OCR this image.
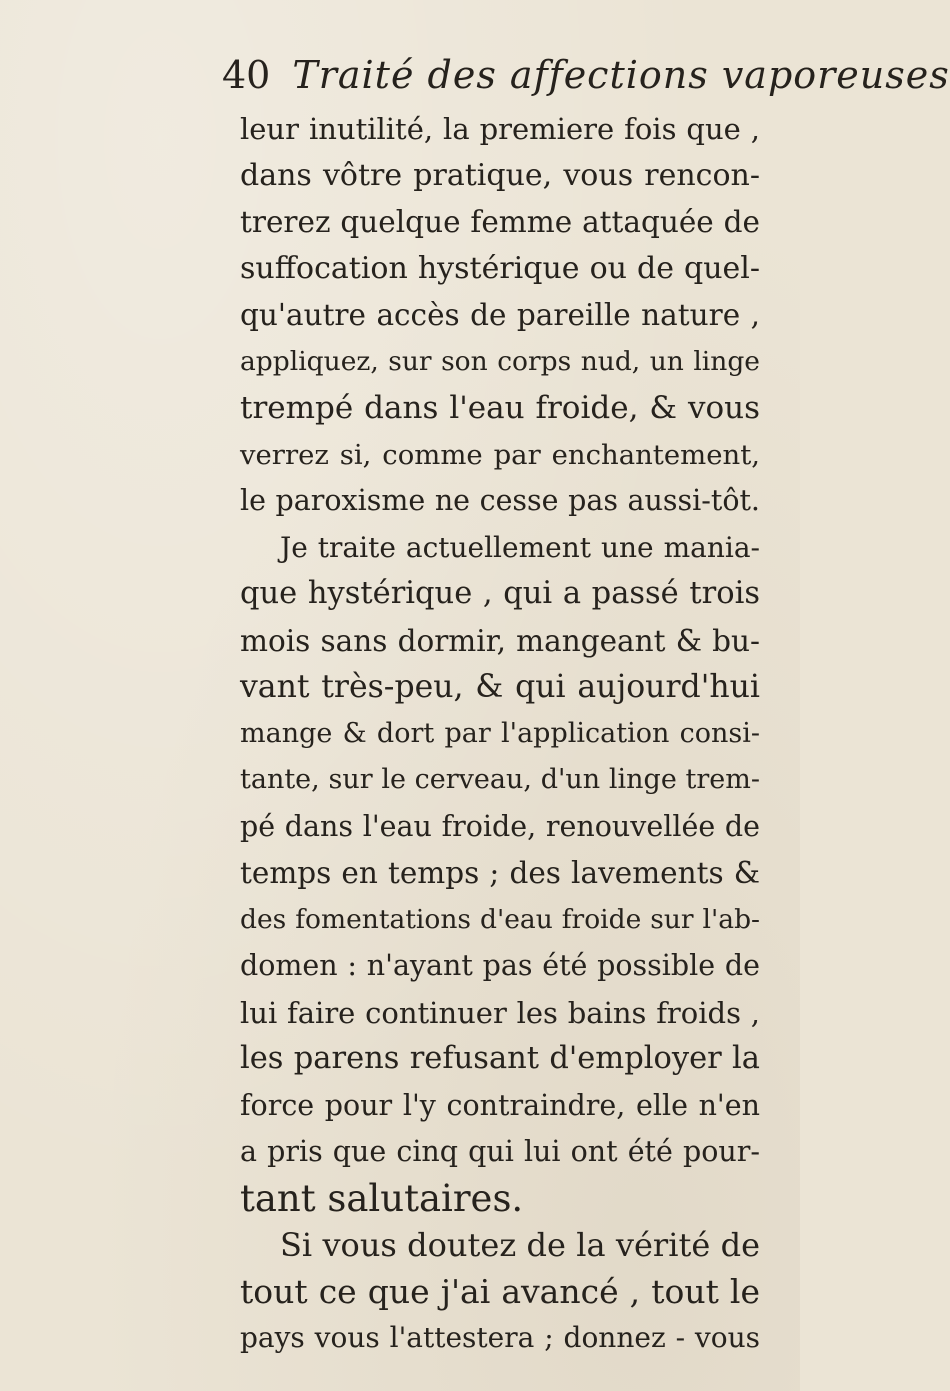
40 Traité des affections vaporeuses
leur inutilité, la premiere fois que ,
dans vôtre pratique, vous rencon-
trerez quelque femme attaquée de
suffocation hystérique ou de quel-
qu'autre accès de pareille nature ,
appliquez, sur son corps nud, un linge
trempé dans l'eau froide, & vous
verrez si, comme par enchantement,
le paroxisme ne cesse pas aussi-tôt.
Je traite actuellement une mania-
que hystérique , qui a passé trois
mois sans dormir, mangeant & bu-
vant très-peu, & qui aujourd'hui
mange & dort par l'application consi-
tante, sur le cerveau, d'un linge trem-
pé dans l'eau froide, renouvellée de
temps en temps ; des lavements &
des fomentations d'eau froide sur l'ab-
domen : n'ayant pas été possible de
lui faire continuer les bains froids ,
les parens refusant d'employer la
force pour l'y contraindre, elle n'en
a pris que cinq qui lui ont été pour-
tant salutaires.
Si vous doutez de la vérité de
tout ce que j'ai avancé , tout le
pays vous l'attestera ; donnez - vous
